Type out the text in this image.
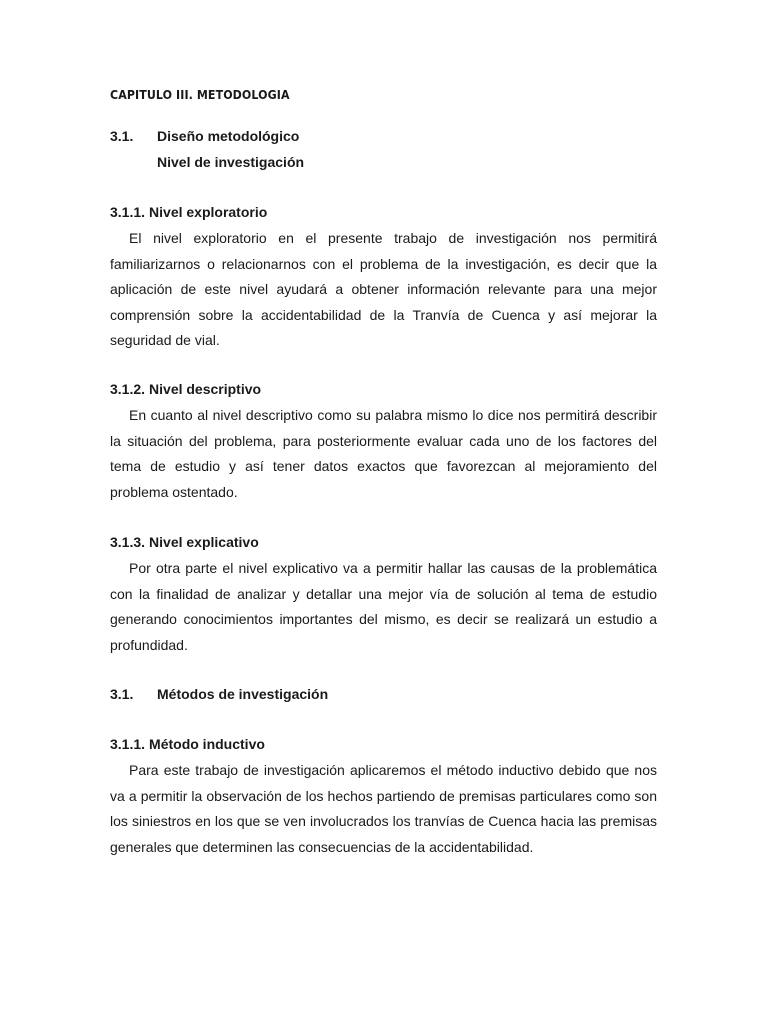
CAPITULO III. METODOLOGIA
3.1. Diseño metodológico
Nivel de investigación
3.1.1. Nivel exploratorio

El nivel exploratorio en el presente trabajo de investigación nos permitirá familiarizarnos o relacionarnos con el problema de la investigación, es decir que la aplicación de este nivel ayudará a obtener información relevante para una mejor comprensión sobre la accidentabilidad de la Tranvía de Cuenca y así mejorar la seguridad de vial.

3.1.2. Nivel descriptivo

En cuanto al nivel descriptivo como su palabra mismo lo dice nos permitirá describir la situación del problema, para posteriormente evaluar cada uno de los factores del tema de estudio y así tener datos exactos que favorezcan al mejoramiento del problema ostentado.

3.1.3. Nivel explicativo

Por otra parte el nivel explicativo va a permitir hallar las causas de la problemática con la finalidad de analizar y detallar una mejor vía de solución al tema de estudio generando conocimientos importantes del mismo, es decir se realizará un estudio a profundidad.

3.1. Métodos de investigación
3.1.1. Método inductivo

Para este trabajo de investigación aplicaremos el método inductivo debido que nos va a permitir la observación de los hechos partiendo de premisas particulares como son los siniestros en los que se ven involucrados los tranvías de Cuenca hacia las premisas generales que determinen las consecuencias de la accidentabilidad.
